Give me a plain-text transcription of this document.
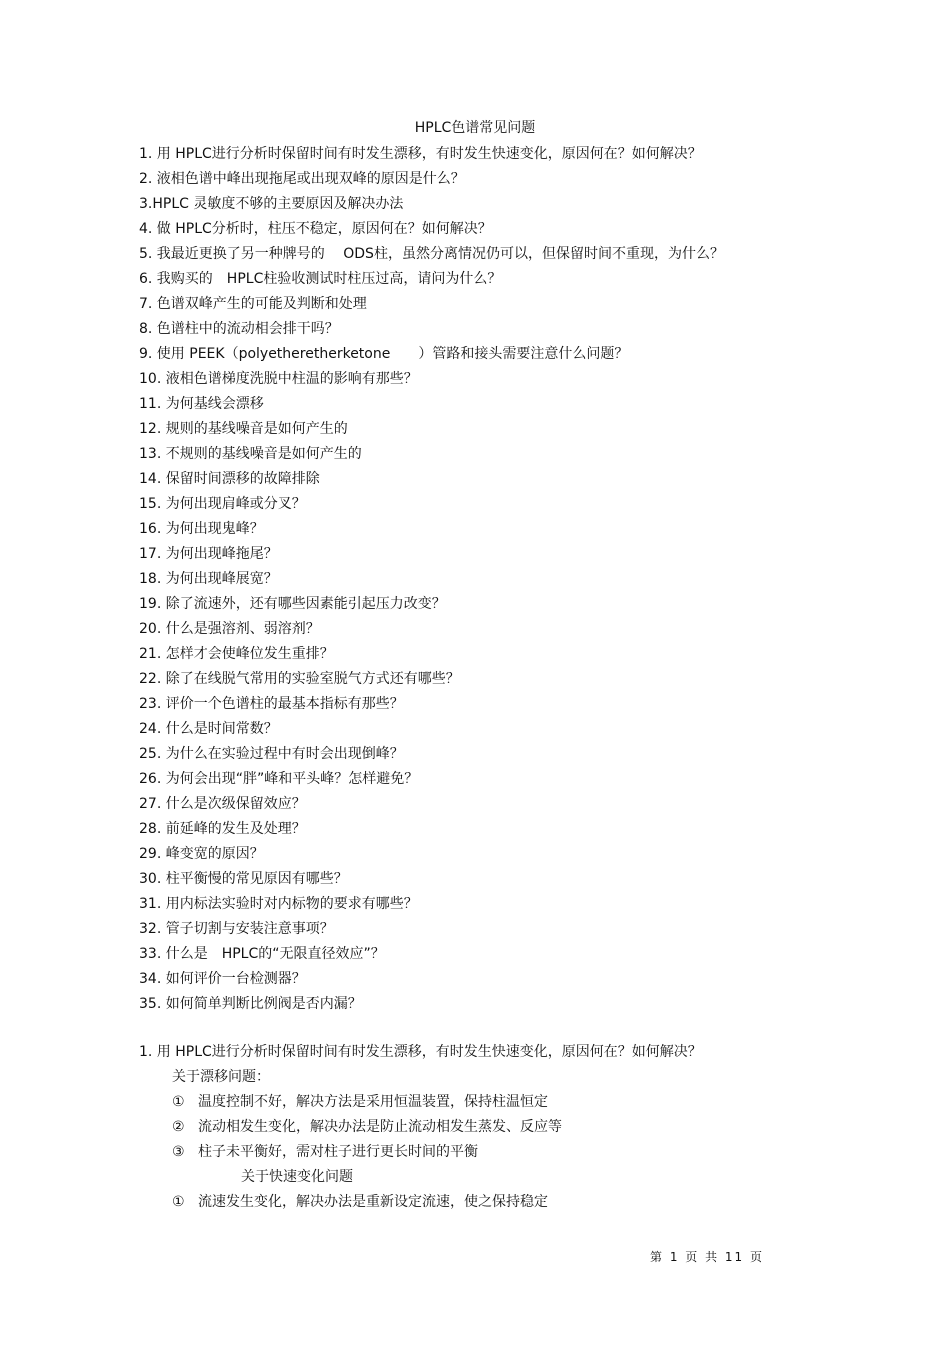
HPLC色谱常见问题
1. 用 HPLC进行分析时保留时间有时发生漂移，有时发生快速变化，原因何在？如何解决？
2. 液相色谱中峰出现拖尾或出现双峰的原因是什么？
3.HPLC 灵敏度不够的主要原因及解决办法
4. 做 HPLC分析时，柱压不稳定，原因何在？如何解决？
5. 我最近更换了另一种牌号的　 ODS柱，虽然分离情况仍可以，但保留时间不重现，为什么？
6. 我购买的　HPLC柱验收测试时柱压过高，请问为什么？
7. 色谱双峰产生的可能及判断和处理
8. 色谱柱中的流动相会排干吗？
9. 使用 PEEK（polyetheretherketone　　）管路和接头需要注意什么问题？
10. 液相色谱梯度洗脱中柱温的影响有那些？
11. 为何基线会漂移
12. 规则的基线噪音是如何产生的
13. 不规则的基线噪音是如何产生的
14. 保留时间漂移的故障排除
15. 为何出现肩峰或分叉？
16. 为何出现鬼峰？
17. 为何出现峰拖尾？
18. 为何出现峰展宽？
19. 除了流速外，还有哪些因素能引起压力改变？
20. 什么是强溶剂、弱溶剂？
21. 怎样才会使峰位发生重排？
22. 除了在线脱气常用的实验室脱气方式还有哪些？
23. 评价一个色谱柱的最基本指标有那些？
24. 什么是时间常数？
25. 为什么在实验过程中有时会出现倒峰？
26. 为何会出现“胖”峰和平头峰？怎样避免？
27. 什么是次级保留效应？
28. 前延峰的发生及处理？
29. 峰变宽的原因？
30. 柱平衡慢的常见原因有哪些？
31. 用内标法实验时对内标物的要求有哪些？
32. 管子切割与安装注意事项？
33. 什么是　HPLC的“无限直径效应”？
34. 如何评价一台检测器？
35. 如何简单判断比例阀是否内漏？
1. 用 HPLC进行分析时保留时间有时发生漂移，有时发生快速变化，原因何在？如何解决？
关于漂移问题：
① 温度控制不好，解决方法是采用恒温装置，保持柱温恒定
② 流动相发生变化，解决办法是防止流动相发生蒸发、反应等
③ 柱子未平衡好，需对柱子进行更长时间的平衡
关于快速变化问题
① 流速发生变化，解决办法是重新设定流速，使之保持稳定
第 1 页 共 11 页
